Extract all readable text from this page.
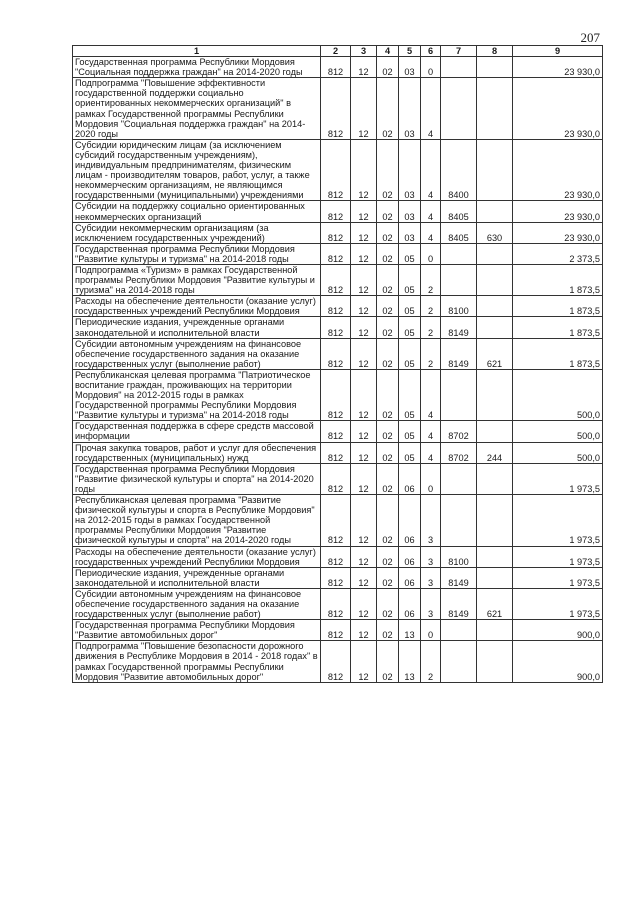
207
1	2	3	4	5	6	7	8	9
Государственная программа Республики Мордовия "Социальная поддержка граждан" на 2014-2020 годы	812	12	02	03	0			23 930,0
Подпрограмма "Повышение эффективности государственной поддержки социально ориентированных некоммерческих организаций" в рамках Государственной программы Республики Мордовия "Социальная поддержка граждан" на 2014-2020 годы	812	12	02	03	4			23 930,0
Субсидии юридическим лицам (за исключением субсидий государственным учреждениям), индивидуальным предпринимателям, физическим лицам - производителям товаров, работ, услуг, а также некоммерческим организациям, не являющимся государственными (муниципальными) учреждениями	812	12	02	03	4	8400		23 930,0
Субсидии на поддержку социально ориентированных некоммерческих организаций	812	12	02	03	4	8405		23 930,0
Субсидии некоммерческим организациям (за исключением государственных учреждений)	812	12	02	03	4	8405	630	23 930,0
Государственная программа Республики Мордовия "Развитие культуры и туризма" на 2014-2018 годы	812	12	02	05	0			2 373,5
Подпрограмма «Туризм» в рамках Государственной программы Республики Мордовия "Развитие культуры и туризма" на 2014-2018 годы	812	12	02	05	2			1 873,5
Расходы на обеспечение деятельности (оказание услуг) государственных учреждений Республики Мордовия	812	12	02	05	2	8100		1 873,5
Периодические издания, учрежденные органами законодательной и исполнительной власти	812	12	02	05	2	8149		1 873,5
Субсидии автономным учреждениям на финансовое обеспечение государственного задания на оказание государственных услуг (выполнение работ)	812	12	02	05	2	8149	621	1 873,5
Республиканская целевая программа "Патриотическое воспитание граждан, проживающих на территории Мордовия" на 2012-2015 годы в рамках Государственной программы Республики Мордовия "Развитие культуры и туризма" на 2014-2018 годы	812	12	02	05	4			500,0
Государственная поддержка в сфере средств массовой информации	812	12	02	05	4	8702		500,0
Прочая закупка товаров, работ и услуг для обеспечения государственных (муниципальных) нужд	812	12	02	05	4	8702	244	500,0
Государственная программа Республики Мордовия "Развитие физической культуры и спорта" на 2014-2020 годы	812	12	02	06	0			1 973,5
Республиканская целевая программа "Развитие физической культуры и спорта в Республике Мордовия" на 2012-2015 годы в рамках Государственной программы Республики Мордовия "Развитие физической культуры и спорта" на 2014-2020 годы	812	12	02	06	3			1 973,5
Расходы на обеспечение деятельности (оказание услуг) государственных учреждений Республики Мордовия	812	12	02	06	3	8100		1 973,5
Периодические издания, учрежденные органами законодательной и исполнительной власти	812	12	02	06	3	8149		1 973,5
Субсидии автономным учреждениям на финансовое обеспечение государственного задания на оказание государственных услуг (выполнение работ)	812	12	02	06	3	8149	621	1 973,5
Государственная программа Республики Мордовия "Развитие автомобильных дорог"	812	12	02	13	0			900,0
Подпрограмма "Повышение безопасности дорожного движения в Республике Мордовия в 2014 - 2018 годах" в рамках Государственной программы Республики Мордовия "Развитие автомобильных дорог"	812	12	02	13	2			900,0
